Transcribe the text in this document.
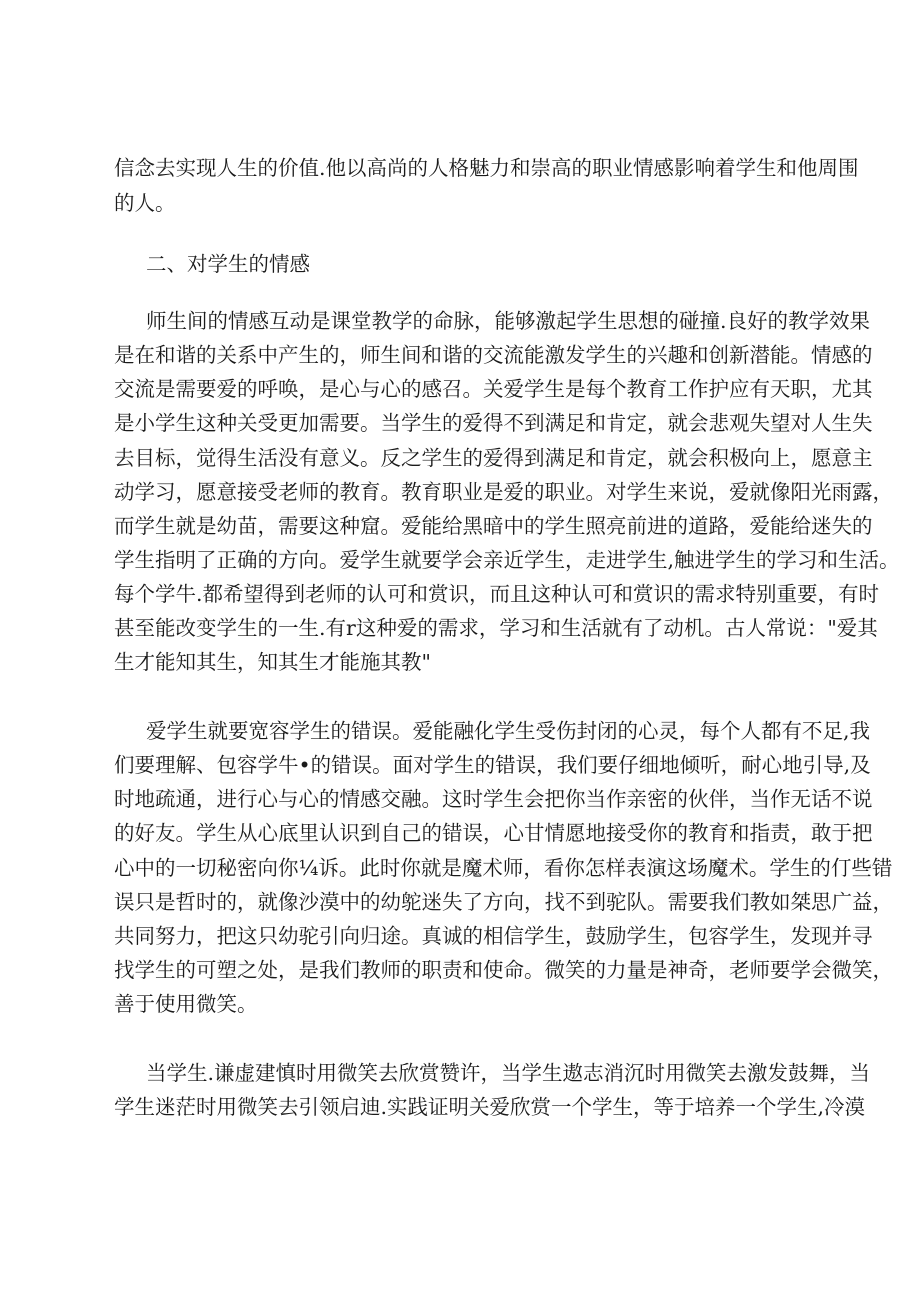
信念去实现人生的价值.他以高尚的人格魅力和崇高的职业情感影响着学生和他周围
的人。
二、对学生的情感
师生间的情感互动是课堂教学的命脉，能够激起学生思想的碰撞.良好的教学效果
是在和谐的关系中产生的，师生间和谐的交流能激发学生的兴趣和创新潜能。情感的
交流是需要爱的呼唤，是心与心的感召。关爱学生是每个教育工作护应有天职，尤其
是小学生这种关受更加需要。当学生的爱得不到满足和肯定，就会悲观失望对人生失
去目标，觉得生活没有意义。反之学生的爱得到满足和肯定，就会积极向上，愿意主
动学习，愿意接受老师的教育。教育职业是爱的职业。对学生来说，爱就像阳光雨露，
而学生就是幼苗，需要这种窟。爱能给黑暗中的学生照亮前进的道路，爱能给迷失的
学生指明了正确的方向。爱学生就要学会亲近学生，走进学生,触进学生的学习和生活。
每个学牛.都希望得到老师的认可和赏识，而且这种认可和赏识的需求特别重要，有时
甚至能改变学生的一生.有r这种爱的需求，学习和生活就有了动机。古人常说："爱其
生才能知其生，知其生才能施其教"
爱学生就要宽容学生的错误。爱能融化学生受伤封闭的心灵，每个人都有不足,我
们要理解、包容学牛•的错误。面对学生的错误，我们要仔细地倾听，耐心地引导,及
时地疏通，进行心与心的情感交融。这时学生会把你当作亲密的伙伴，当作无话不说
的好友。学生从心底里认识到自己的错误，心甘情愿地接受你的教育和指责，敢于把
心中的一切秘密向你¼诉。此时你就是魔术师，看你怎样表演这场魔术。学生的仃些错
误只是哲时的，就像沙漠中的幼鸵迷失了方向，找不到驼队。需要我们教如桀思广益，
共同努力，把这只幼驼引向归途。真诚的相信学生，鼓励学生，包容学生，发现并寻
找学生的可塑之处，是我们教师的职责和使命。微笑的力量是神奇，老师要学会微笑，
善于使用微笑。
当学生.谦虚建慎时用微笑去欣赏赞许，当学生遨志消沉时用微笑去激发鼓舞，当
学生迷茫时用微笑去引领启迪.实践证明关爱欣赏一个学生，等于培养一个学生,冷漠
